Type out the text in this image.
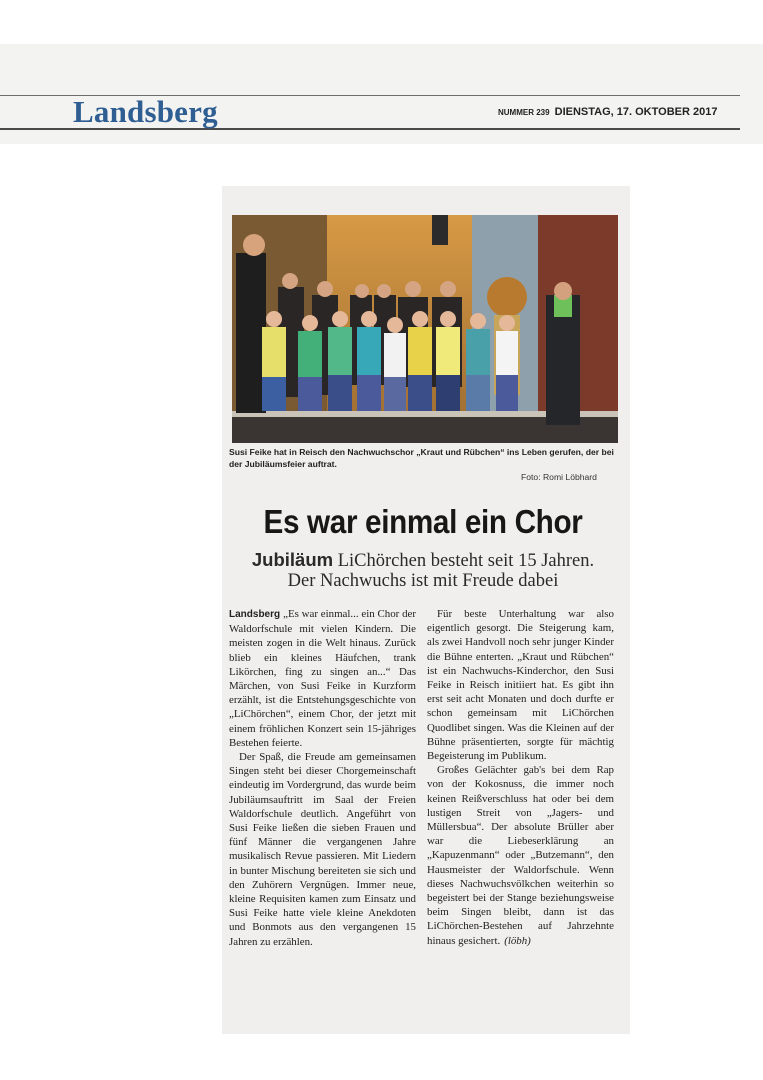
Landsberg	NUMMER 239 DIENSTAG, 17. OKTOBER 2017
Susi Feike hat in Reisch den Nachwuchschor „Kraut und Rübchen“ ins Leben gerufen, der bei der Jubiläumsfeier auftrat.
Foto: Romi Löbhard
Es war einmal ein Chor
Jubiläum LiChörchen besteht seit 15 Jahren.
Der Nachwuchs ist mit Freude dabei

Landsberg „Es war einmal... ein Chor der Waldorfschule mit vielen Kindern. Die meisten zogen in die Welt hinaus. Zurück blieb ein kleines Häufchen, trank Likörchen, fing zu singen an...“ Das Märchen, von Susi Feike in Kurzform erzählt, ist die Entstehungsgeschichte von „LiChörchen“, einem Chor, der jetzt mit einem fröhlichen Konzert sein 15-jähriges Bestehen feierte.

Der Spaß, die Freude am gemeinsamen Singen steht bei dieser Chorgemeinschaft eindeutig im Vordergrund, das wurde beim Jubiläumsauftritt im Saal der Freien Waldorfschule deutlich. Angeführt von Susi Feike ließen die sieben Frauen und fünf Männer die vergangenen Jahre musikalisch Revue passieren. Mit Liedern in bunter Mischung bereiteten sie sich und den Zuhörern Vergnügen. Immer neue, kleine Requisiten kamen zum Einsatz und Susi Feike hatte viele kleine Anekdoten und Bonmots aus den vergangenen 15 Jahren zu erzählen.

Für beste Unterhaltung war also eigentlich gesorgt. Die Steigerung kam, als zwei Handvoll noch sehr junger Kinder die Bühne enterten. „Kraut und Rübchen“ ist ein Nachwuchs-Kinderchor, den Susi Feike in Reisch initiiert hat. Es gibt ihn erst seit acht Monaten und doch durfte er schon gemeinsam mit LiChörchen Quodlibet singen. Was die Kleinen auf der Bühne präsentierten, sorgte für mächtig Begeisterung im Publikum.

Großes Gelächter gab's bei dem Rap von der Kokosnuss, die immer noch keinen Reißverschluss hat oder bei dem lustigen Streit von „Jagers- und Müllersbua“. Der absolute Brüller aber war die Liebeserklärung an „Kapuzenmann“ oder „Butzemann“, den Hausmeister der Waldorfschule. Wenn dieses Nachwuchsvölkchen weiterhin so begeistert bei der Stange beziehungsweise beim Singen bleibt, dann ist das LiChörchen-Bestehen auf Jahrzehnte hinaus gesichert. (löbh)
